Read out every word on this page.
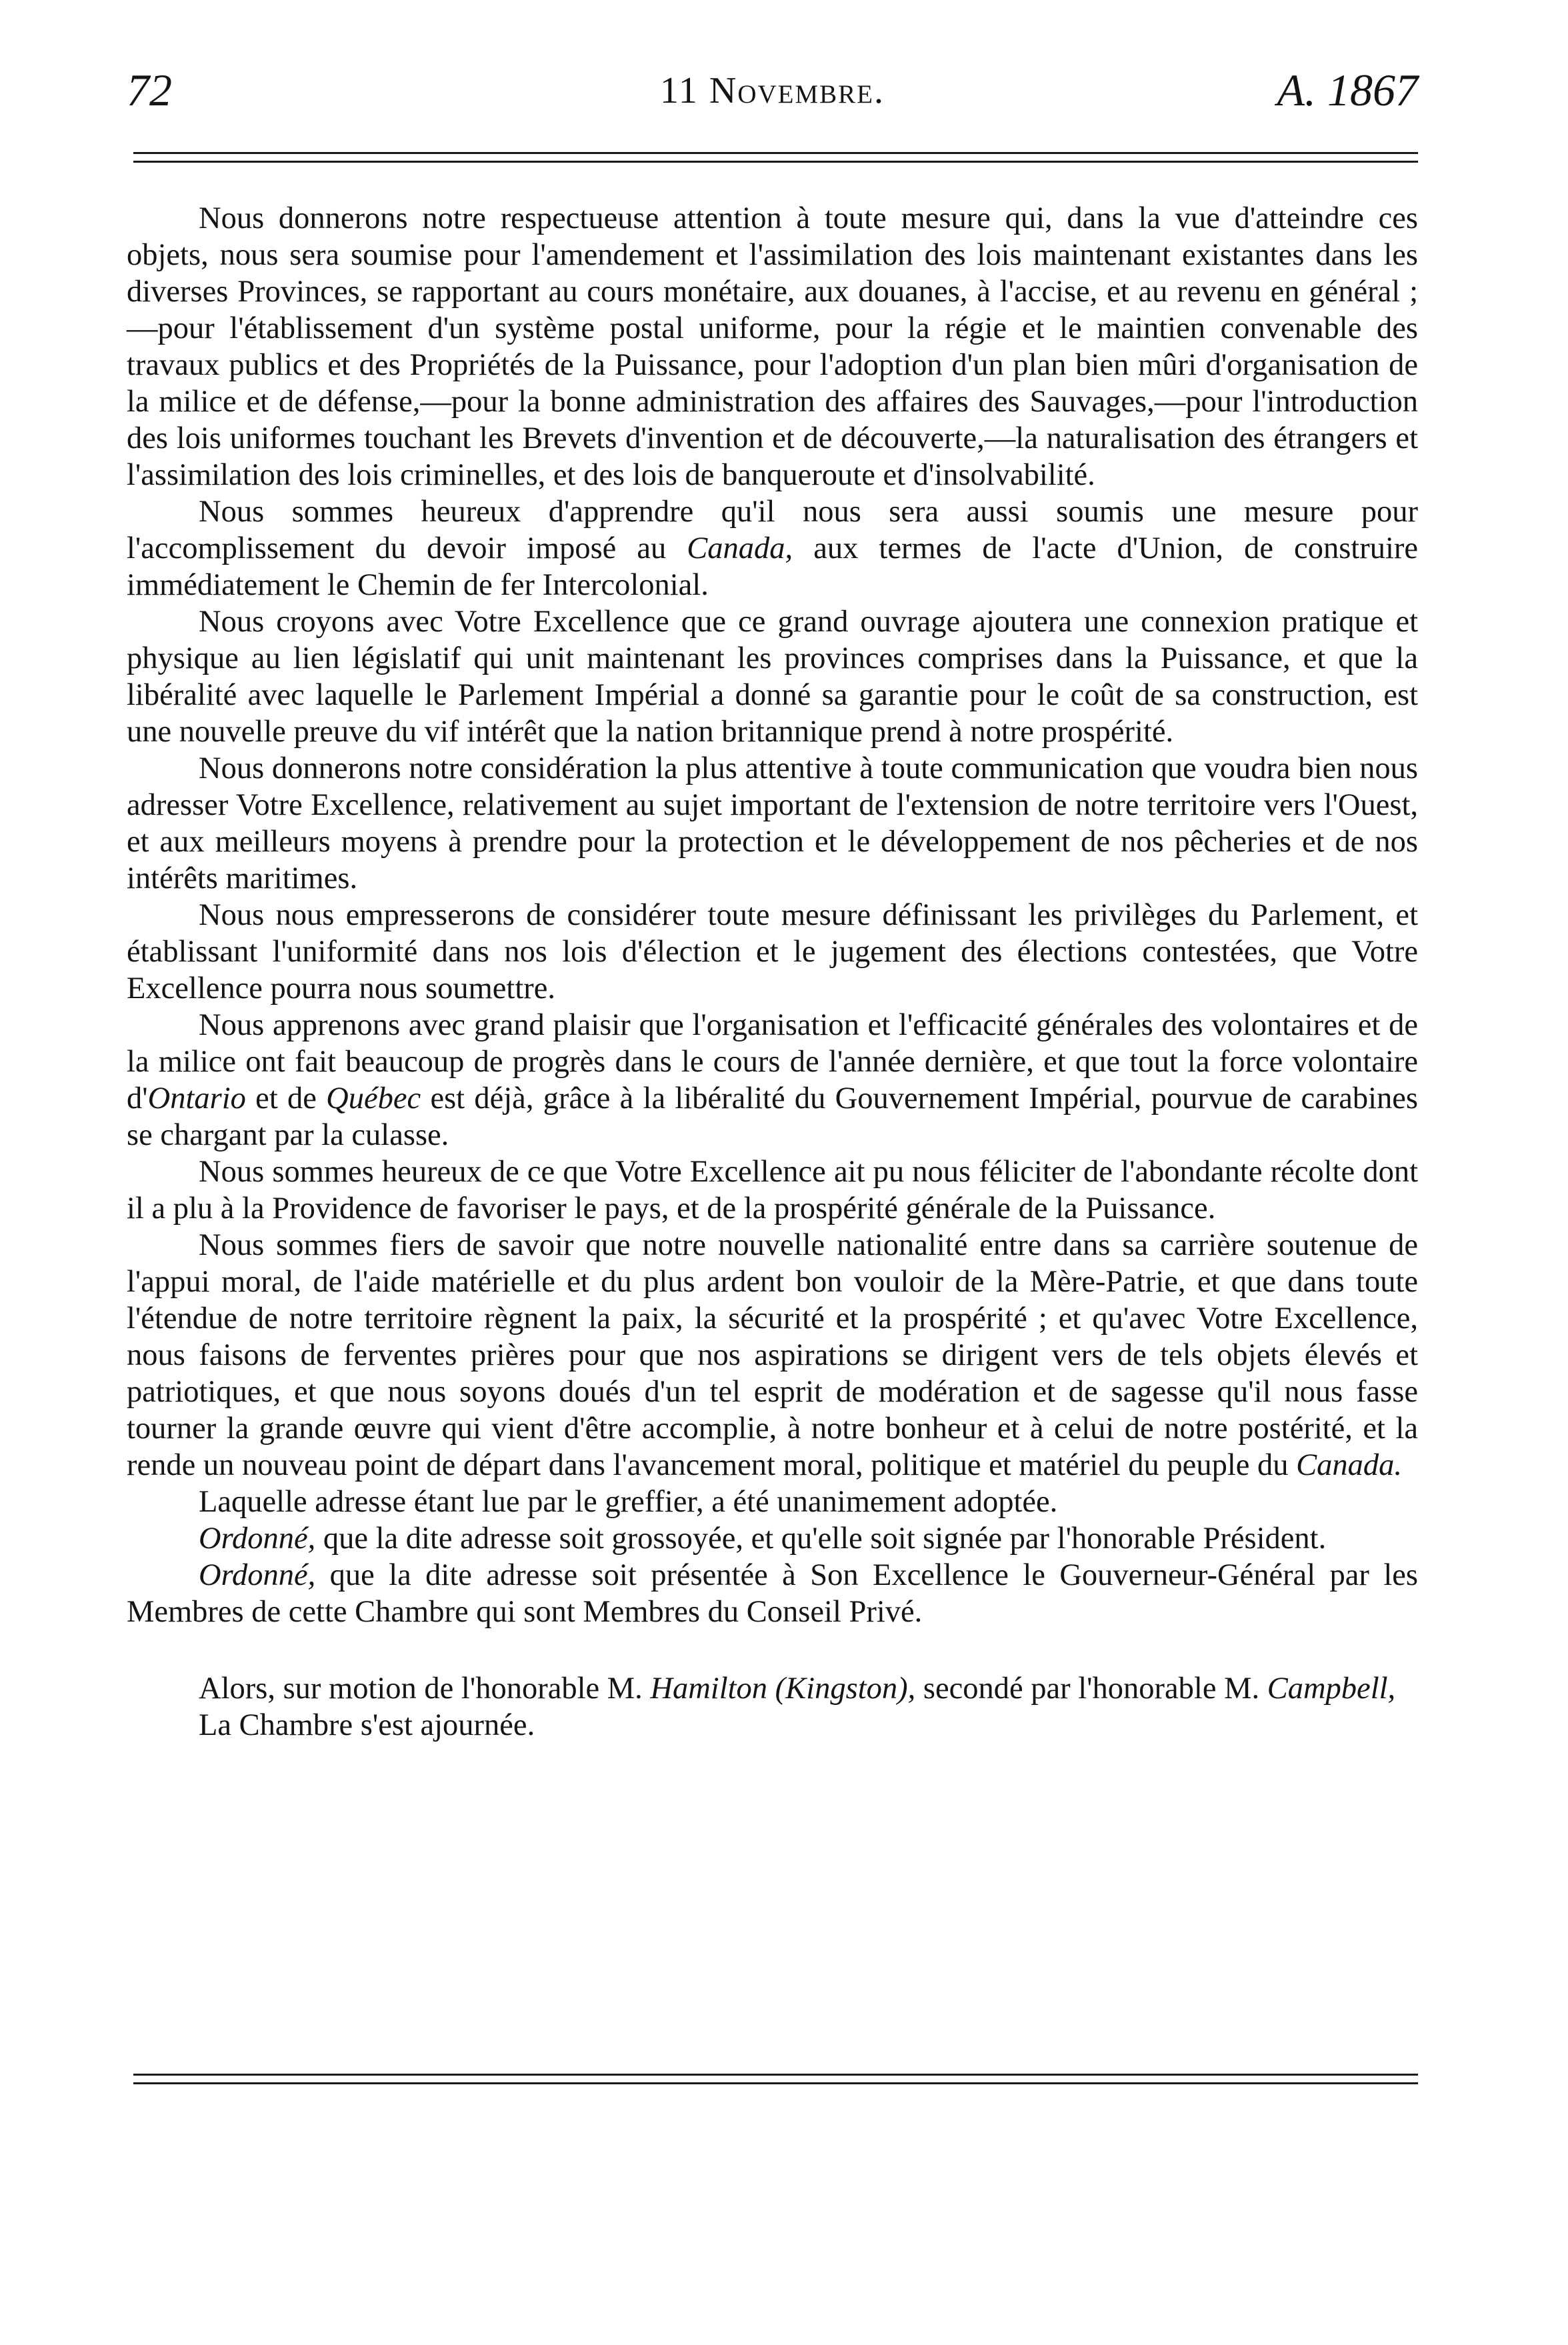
72	11 Novembre.	A. 1867

Nous donnerons notre respectueuse attention à toute mesure qui, dans la vue d'atteindre ces objets, nous sera soumise pour l'amendement et l'assimilation des lois maintenant existantes dans les diverses Provinces, se rapportant au cours monétaire, aux douanes, à l'accise, et au revenu en général ;—pour l'établissement d'un système postal uniforme, pour la régie et le maintien convenable des travaux publics et des Propriétés de la Puissance, pour l'adoption d'un plan bien mûri d'organisation de la milice et de défense,—pour la bonne administration des affaires des Sauvages,—pour l'introduction des lois uniformes touchant les Brevets d'invention et de découverte,—la naturalisation des étrangers et l'assimilation des lois criminelles, et des lois de banqueroute et d'insolvabilité.

Nous sommes heureux d'apprendre qu'il nous sera aussi soumis une mesure pour l'accomplissement du devoir imposé au Canada, aux termes de l'acte d'Union, de construire immédiatement le Chemin de fer Intercolonial.

Nous croyons avec Votre Excellence que ce grand ouvrage ajoutera une connexion pratique et physique au lien législatif qui unit maintenant les provinces comprises dans la Puissance, et que la libéralité avec laquelle le Parlement Impérial a donné sa garantie pour le coût de sa construction, est une nouvelle preuve du vif intérêt que la nation britannique prend à notre prospérité.

Nous donnerons notre considération la plus attentive à toute communication que voudra bien nous adresser Votre Excellence, relativement au sujet important de l'extension de notre territoire vers l'Ouest, et aux meilleurs moyens à prendre pour la protection et le développement de nos pêcheries et de nos intérêts maritimes.

Nous nous empresserons de considérer toute mesure définissant les privilèges du Parlement, et établissant l'uniformité dans nos lois d'élection et le jugement des élections contestées, que Votre Excellence pourra nous soumettre.

Nous apprenons avec grand plaisir que l'organisation et l'efficacité générales des volontaires et de la milice ont fait beaucoup de progrès dans le cours de l'année dernière, et que tout la force volontaire d'Ontario et de Québec est déjà, grâce à la libéralité du Gouvernement Impérial, pourvue de carabines se chargant par la culasse.

Nous sommes heureux de ce que Votre Excellence ait pu nous féliciter de l'abondante récolte dont il a plu à la Providence de favoriser le pays, et de la prospérité générale de la Puissance.

Nous sommes fiers de savoir que notre nouvelle nationalité entre dans sa carrière soutenue de l'appui moral, de l'aide matérielle et du plus ardent bon vouloir de la Mère-Patrie, et que dans toute l'étendue de notre territoire règnent la paix, la sécurité et la prospérité ; et qu'avec Votre Excellence, nous faisons de ferventes prières pour que nos aspirations se dirigent vers de tels objets élevés et patriotiques, et que nous soyons doués d'un tel esprit de modération et de sagesse qu'il nous fasse tourner la grande œuvre qui vient d'être accomplie, à notre bonheur et à celui de notre postérité, et la rende un nouveau point de départ dans l'avancement moral, politique et matériel du peuple du Canada.

Laquelle adresse étant lue par le greffier, a été unanimement adoptée.

Ordonné, que la dite adresse soit grossoyée, et qu'elle soit signée par l'honorable Président.

Ordonné, que la dite adresse soit présentée à Son Excellence le Gouverneur-Général par les Membres de cette Chambre qui sont Membres du Conseil Privé.

Alors, sur motion de l'honorable M. Hamilton (Kingston), secondé par l'honorable M. Campbell,

La Chambre s'est ajournée.
